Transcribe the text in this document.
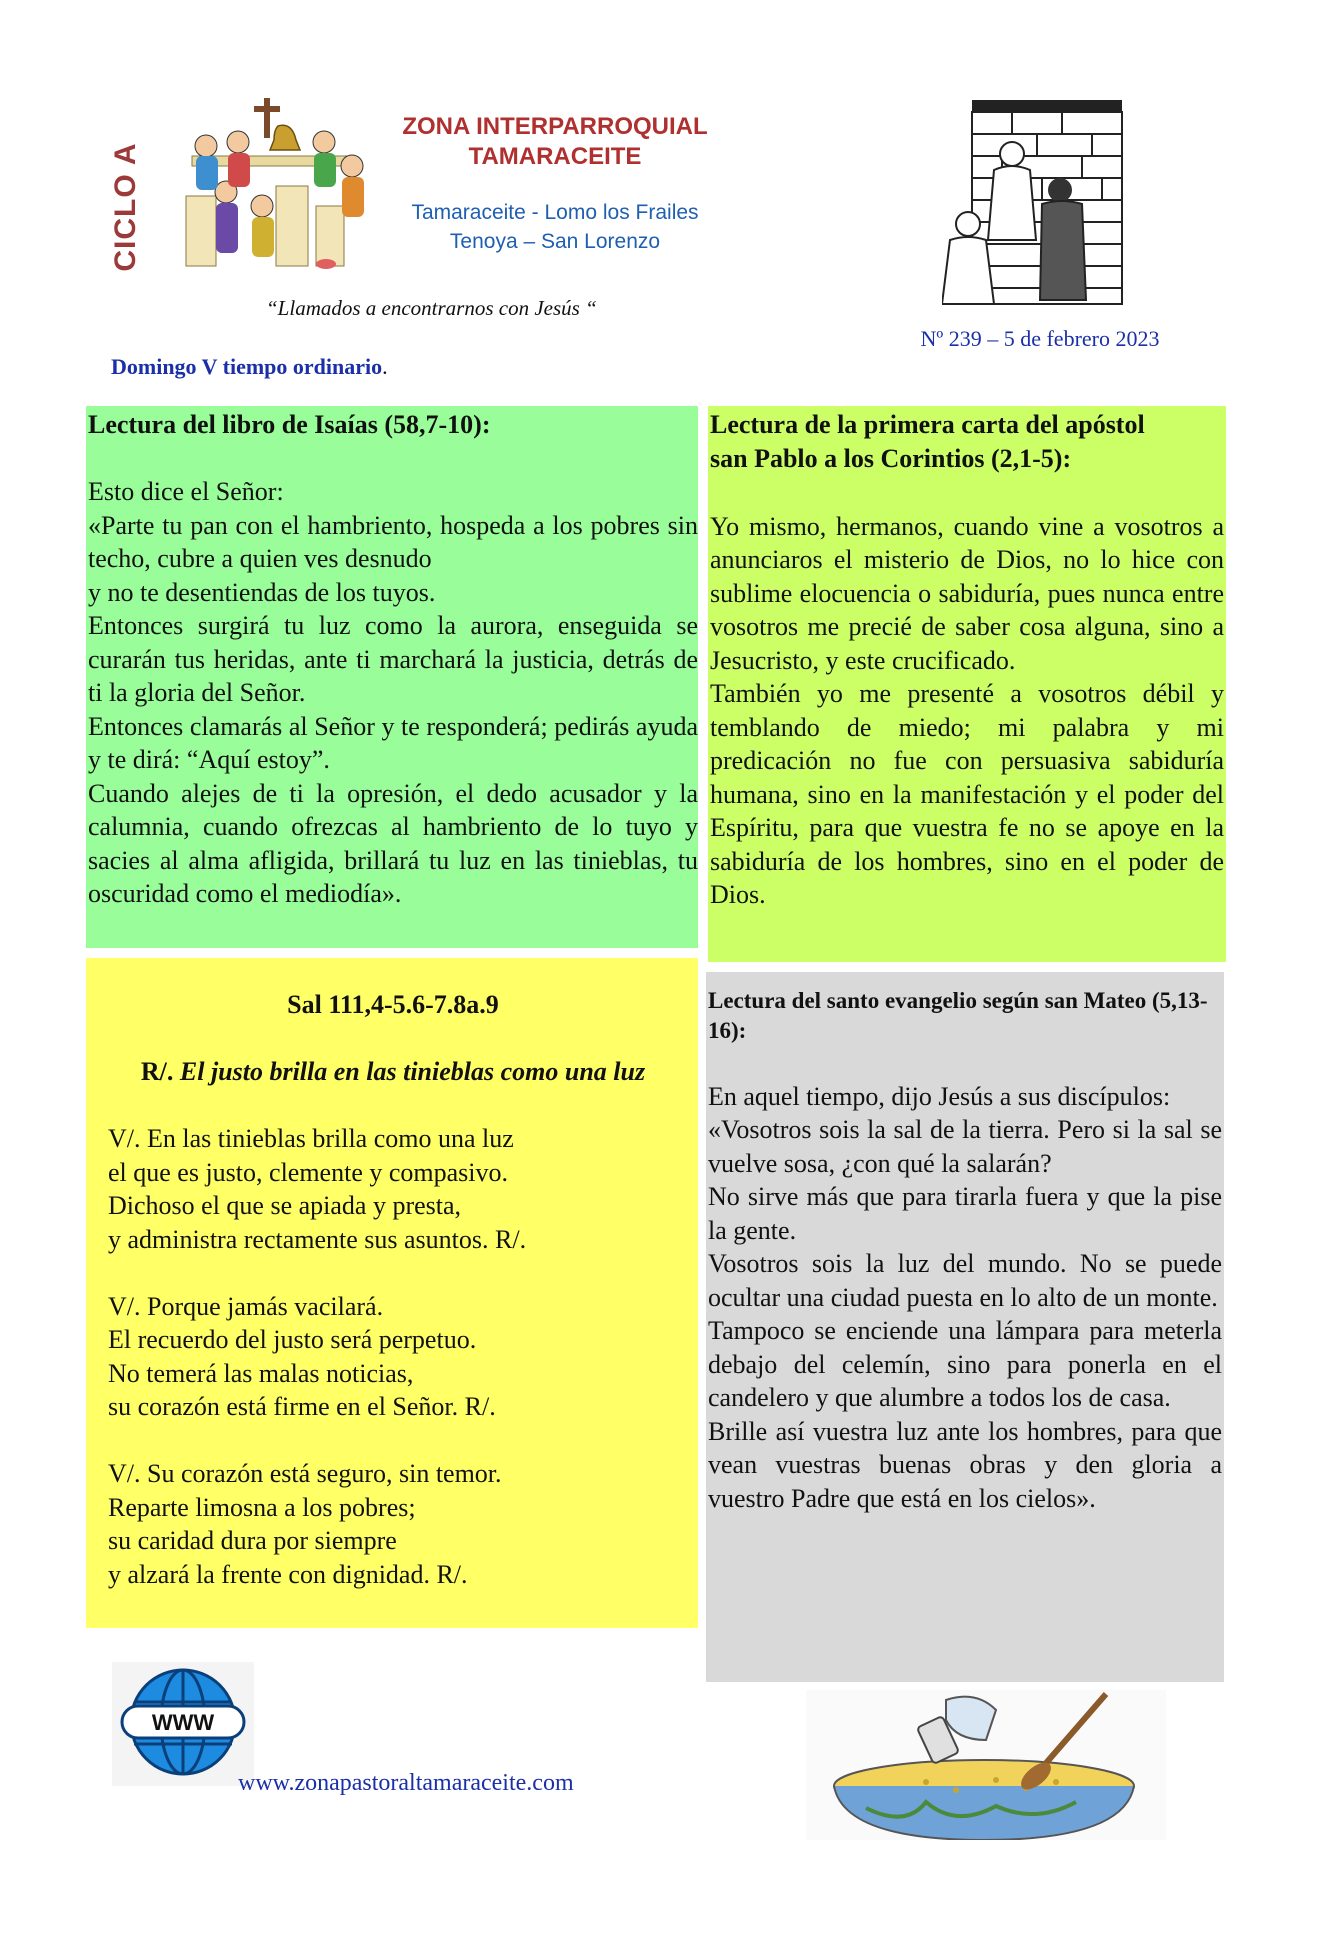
CICLO A
ZONA INTERPARROQUIAL
TAMARACEITE
Tamaraceite - Lomo los Frailes
Tenoya – San Lorenzo
“Llamados a encontrarnos con Jesús “
Nº 239 – 5 de febrero 2023
Domingo V tiempo ordinario.
Lectura del libro de Isaías (58,7-10):

Esto dice el Señor:

«Parte tu pan con el hambriento, hospeda a los pobres sin techo, cubre a quien ves desnudo

y no te desentiendas de los tuyos.

Entonces surgirá tu luz como la aurora, enseguida se curarán tus heridas, ante ti marchará la justicia, detrás de ti la gloria del Señor.

Entonces clamarás al Señor y te responderá; pedirás ayuda y te dirá: “Aquí estoy”.

Cuando alejes de ti la opresión, el dedo acusador y la calumnia, cuando ofrezcas al hambriento de lo tuyo y sacies al alma afligida, brillará tu luz en las tinieblas, tu oscuridad como el mediodía».

Lectura de la primera carta del apóstol
san Pablo a los Corintios (2,1-5):

Yo mismo, hermanos, cuando vine a vosotros a anunciaros el misterio de Dios, no lo hice con sublime elocuencia o sabiduría, pues nunca entre vosotros me precié de saber cosa alguna, sino a Jesucristo, y este crucificado.

También yo me presenté a vosotros débil y temblando de miedo; mi palabra y mi predicación no fue con persuasiva sabiduría humana, sino en la manifestación y el poder del Espíritu, para que vuestra fe no se apoye en la sabiduría de los hombres, sino en el poder de Dios.

Sal 111,4-5.6-7.8a.9

R/. El justo brilla en las tinieblas como una luz

V/. En las tinieblas brilla como una luz

el que es justo, clemente y compasivo.

Dichoso el que se apiada y presta,

y administra rectamente sus asuntos. R/.

V/. Porque jamás vacilará.

El recuerdo del justo será perpetuo.

No temerá las malas noticias,

su corazón está firme en el Señor. R/.

V/. Su corazón está seguro, sin temor.

Reparte limosna a los pobres;

su caridad dura por siempre

y alzará la frente con dignidad. R/.

Lectura del santo evangelio según san Mateo (5,13-16):

En aquel tiempo, dijo Jesús a sus discípulos:

«Vosotros sois la sal de la tierra. Pero si la sal se vuelve sosa, ¿con qué la salarán?

No sirve más que para tirarla fuera y que la pise la gente.

Vosotros sois la luz del mundo. No se puede ocultar una ciudad puesta en lo alto de un monte.

Tampoco se enciende una lámpara para meterla debajo del celemín, sino para ponerla en el candelero y que alumbre a todos los de casa.

Brille así vuestra luz ante los hombres, para que vean vuestras buenas obras y den gloria a vuestro Padre que está en los cielos».

WWW
www.zonapastoraltamaraceite.com
